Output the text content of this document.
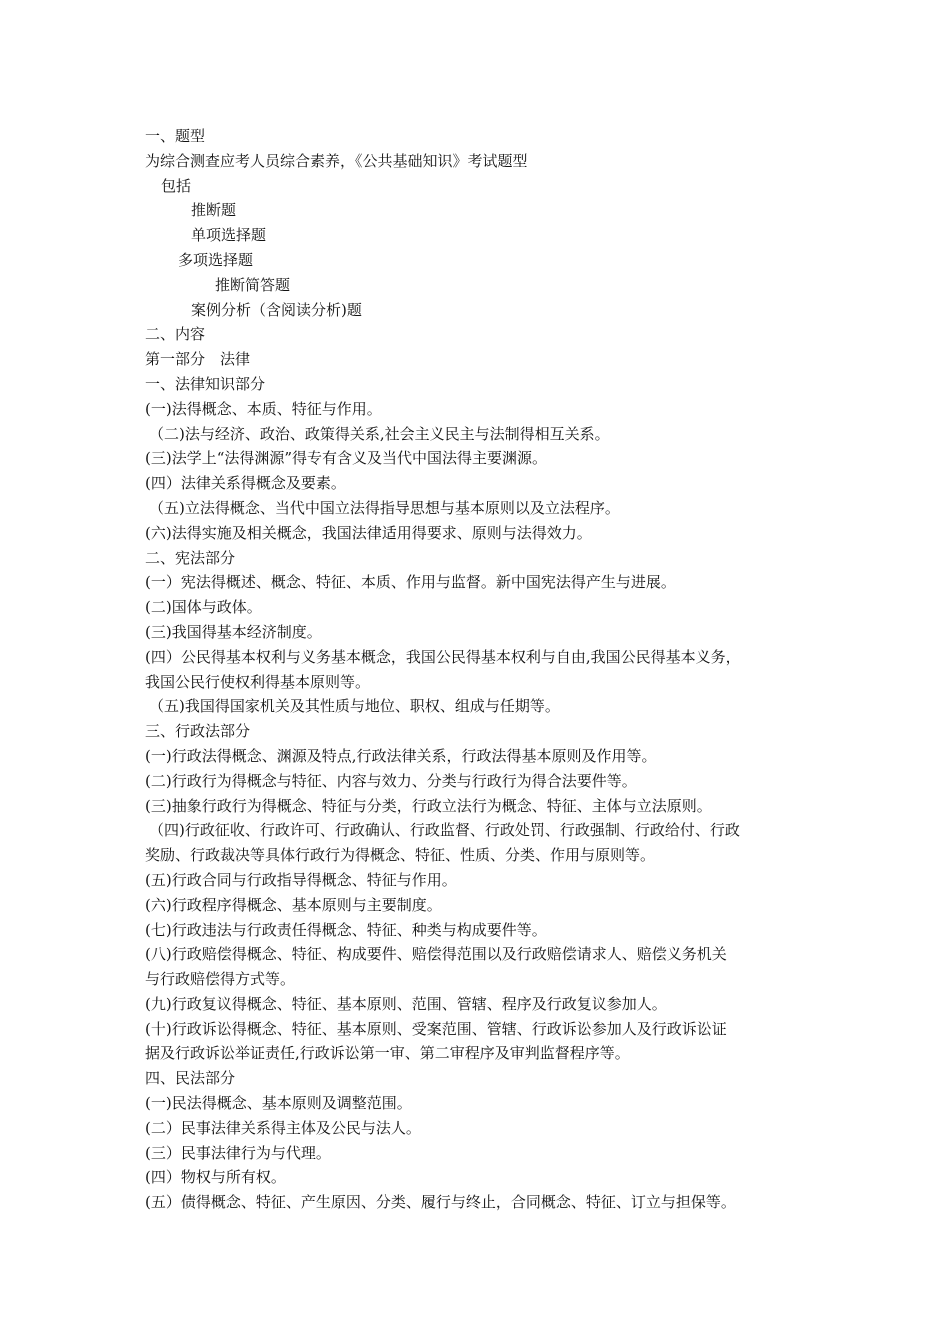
一、题型
为综合测查应考人员综合素养，《公共基础知识》考试题型
包括
推断题
单项选择题
多项选择题
推断简答题
案例分析（含阅读分析)题
二、内容
第一部分　法律
一、法律知识部分
(一)法得概念、本质、特征与作用。
（二)法与经济、政治、政策得关系,社会主义民主与法制得相互关系。
(三)法学上“法得渊源”得专有含义及当代中国法得主要渊源。
(四）法律关系得概念及要素。
（五)立法得概念、当代中国立法得指导思想与基本原则以及立法程序。
(六)法得实施及相关概念，我国法律适用得要求、原则与法得效力。
二、宪法部分
(一）宪法得概述、概念、特征、本质、作用与监督。新中国宪法得产生与进展。
(二)国体与政体。
(三)我国得基本经济制度。
(四）公民得基本权利与义务基本概念，我国公民得基本权利与自由,我国公民得基本义务，
我国公民行使权利得基本原则等。
（五)我国得国家机关及其性质与地位、职权、组成与任期等。
三、行政法部分
(一)行政法得概念、渊源及特点,行政法律关系，行政法得基本原则及作用等。
(二)行政行为得概念与特征、内容与效力、分类与行政行为得合法要件等。
(三)抽象行政行为得概念、特征与分类，行政立法行为概念、特征、主体与立法原则。
（四)行政征收、行政许可、行政确认、行政监督、行政处罚、行政强制、行政给付、行政
奖励、行政裁决等具体行政行为得概念、特征、性质、分类、作用与原则等。
(五)行政合同与行政指导得概念、特征与作用。
(六)行政程序得概念、基本原则与主要制度。
(七)行政违法与行政责任得概念、特征、种类与构成要件等。
(八)行政赔偿得概念、特征、构成要件、赔偿得范围以及行政赔偿请求人、赔偿义务机关
与行政赔偿得方式等。
(九)行政复议得概念、特征、基本原则、范围、管辖、程序及行政复议参加人。
(十)行政诉讼得概念、特征、基本原则、受案范围、管辖、行政诉讼参加人及行政诉讼证
据及行政诉讼举证责任,行政诉讼第一审、第二审程序及审判监督程序等。
四、民法部分
(一)民法得概念、基本原则及调整范围。
(二）民事法律关系得主体及公民与法人。
(三）民事法律行为与代理。
(四）物权与所有权。
(五）债得概念、特征、产生原因、分类、履行与终止，合同概念、特征、订立与担保等。
